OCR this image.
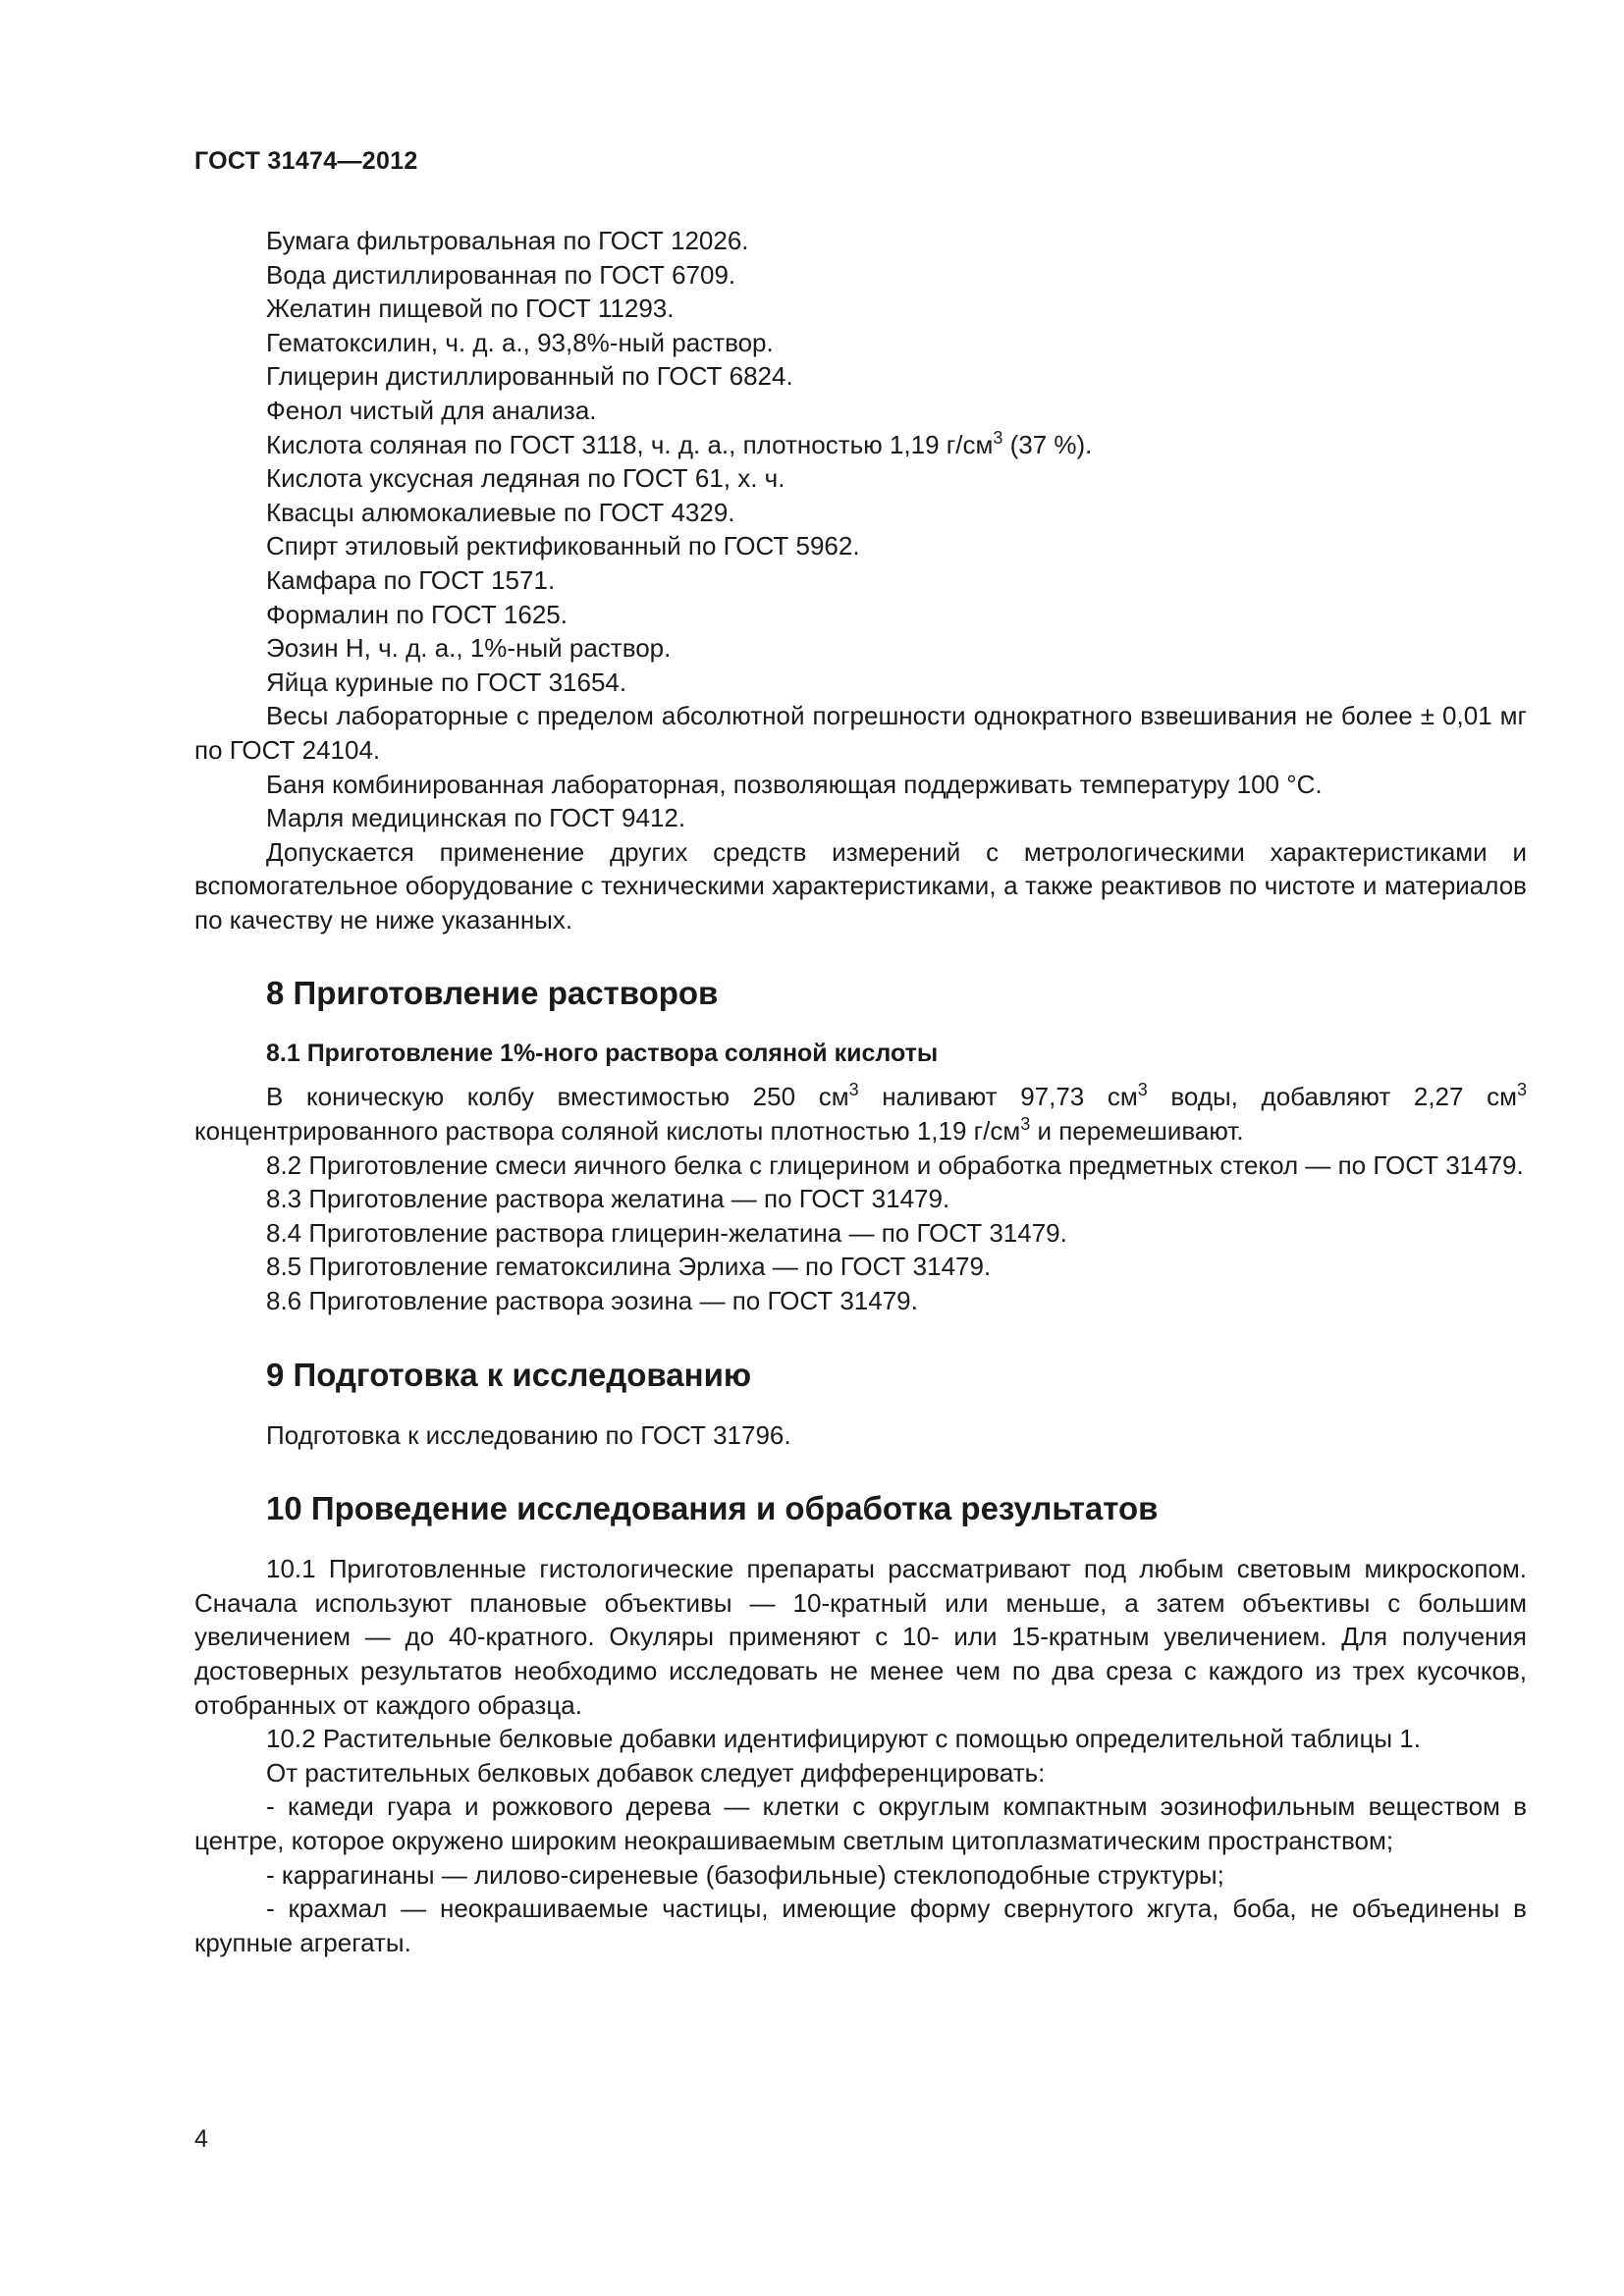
ГОСТ 31474—2012

Бумага фильтровальная по ГОСТ 12026.

Вода дистиллированная по ГОСТ 6709.

Желатин пищевой по ГОСТ 11293.

Гематоксилин, ч. д. а., 93,8%-ный раствор.

Глицерин дистиллированный по ГОСТ 6824.

Фенол чистый для анализа.

Кислота соляная по ГОСТ 3118, ч. д. а., плотностью 1,19 $г/см^3$ (37 %).

Кислота уксусная ледяная по ГОСТ 61, х. ч.

Квасцы алюмокалиевые по ГОСТ 4329.

Спирт этиловый ректификованный по ГОСТ 5962.

Камфара по ГОСТ 1571.

Формалин по ГОСТ 1625.

Эозин Н, ч. д. а., 1%-ный раствор.

Яйца куриные по ГОСТ 31654.

Весы лабораторные с пределом абсолютной погрешности однократного взвешивания не более ± 0,01 мг по ГОСТ 24104.

Баня комбинированная лабораторная, позволяющая поддерживать температуру 100 °С.

Марля медицинская по ГОСТ 9412.

Допускается применение других средств измерений с метрологическими характеристиками и вспомогательное оборудование с техническими характеристиками, а также реактивов по чистоте и материалов по качеству не ниже указанных.

8 Приготовление растворов
8.1 Приготовление 1%-ного раствора соляной кислоты

В коническую колбу вместимостью 250 $см^3$ наливают 97,73 $см^3$ воды, добавляют 2,27 $см^3$ концентрированного раствора соляной кислоты плотностью 1,19 $г/см^3$ и перемешивают.

8.2 Приготовление смеси яичного белка с глицерином и обработка предметных стекол — по ГОСТ 31479.

8.3 Приготовление раствора желатина — по ГОСТ 31479.

8.4 Приготовление раствора глицерин-желатина — по ГОСТ 31479.

8.5 Приготовление гематоксилина Эрлиха — по ГОСТ 31479.

8.6 Приготовление раствора эозина — по ГОСТ 31479.

9 Подготовка к исследованию

Подготовка к исследованию по ГОСТ 31796.

10 Проведение исследования и обработка результатов

10.1 Приготовленные гистологические препараты рассматривают под любым световым микроскопом. Сначала используют плановые объективы — 10-кратный или меньше, а затем объективы с большим увеличением — до 40-кратного. Окуляры применяют с 10- или 15-кратным увеличением. Для получения достоверных результатов необходимо исследовать не менее чем по два среза с каждого из трех кусочков, отобранных от каждого образца.

10.2 Растительные белковые добавки идентифицируют с помощью определительной таблицы 1.

От растительных белковых добавок следует дифференцировать:

- камеди гуара и рожкового дерева — клетки с округлым компактным эозинофильным веществом в центре, которое окружено широким неокрашиваемым светлым цитоплазматическим пространством;

- каррагинаны — лилово-сиреневые (базофильные) стеклоподобные структуры;

- крахмал — неокрашиваемые частицы, имеющие форму свернутого жгута, боба, не объединены в крупные агрегаты.

4
